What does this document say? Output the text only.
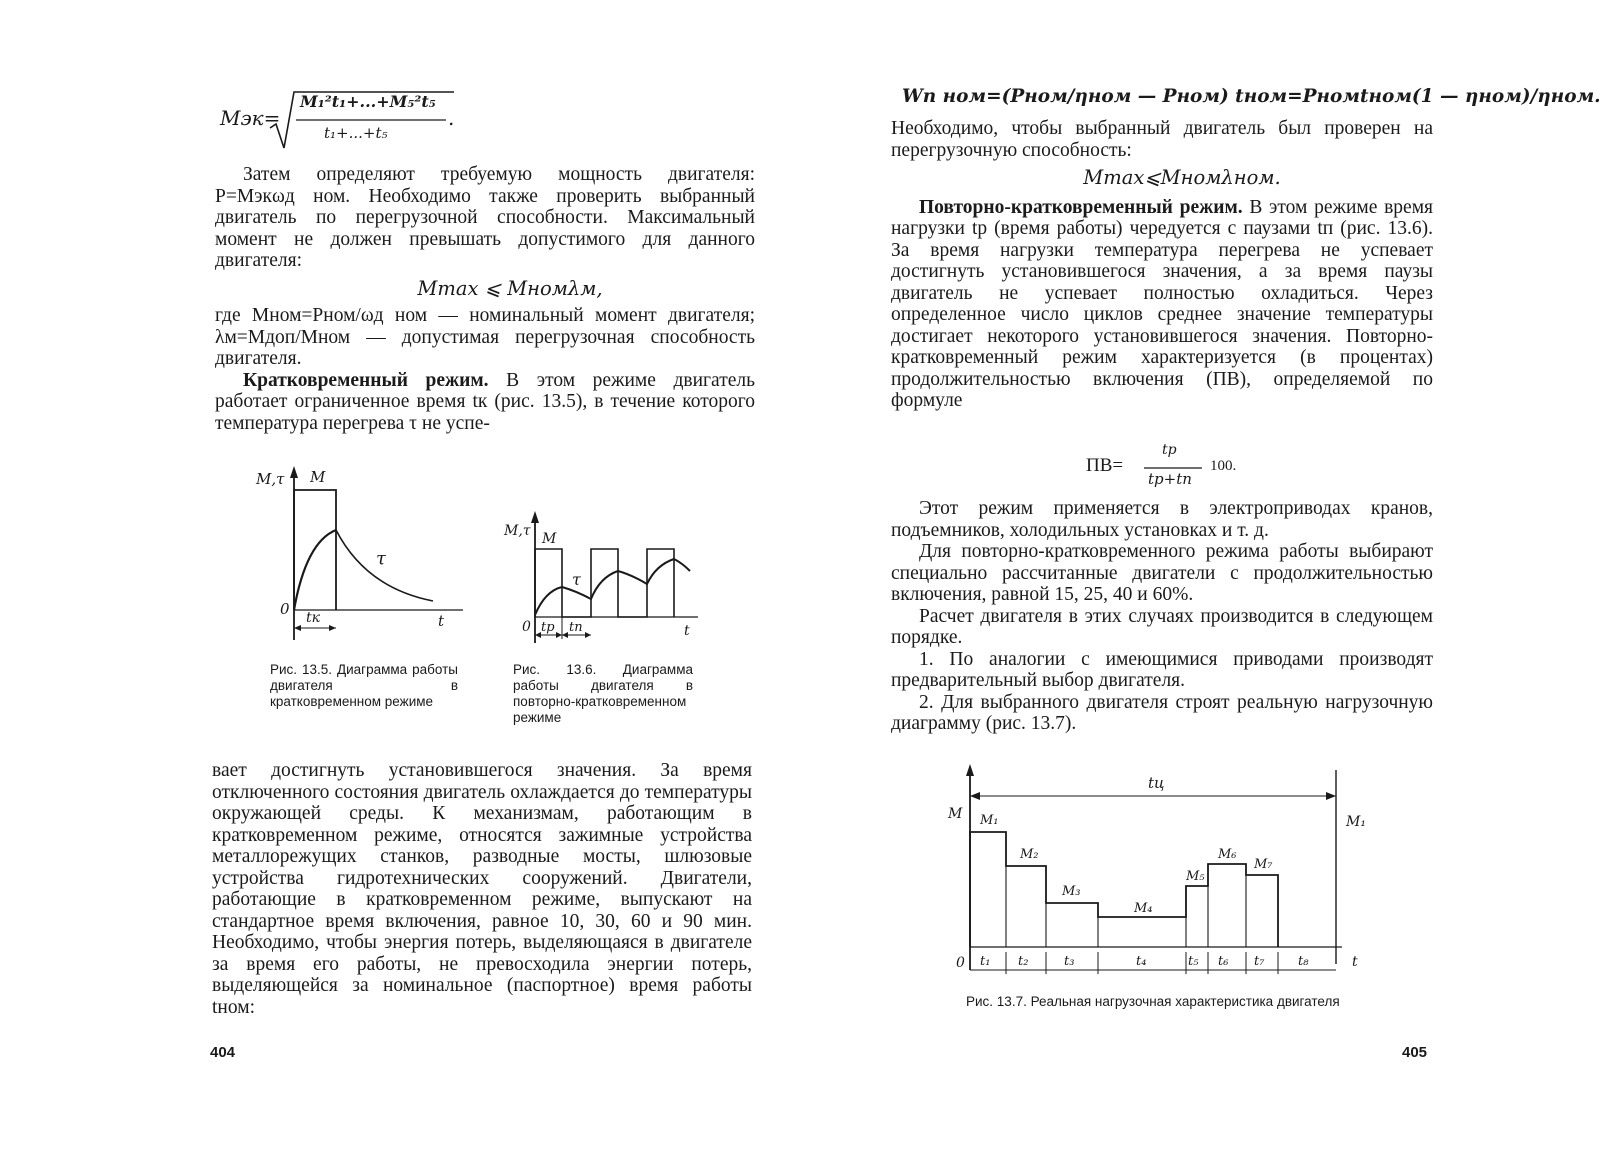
Mэк=
M₁²t₁+...+M₅²t₅
t₁+...+t₅
.

Затем определяют требуемую мощность двигателя: P=Mэкωд ном. Необходимо также проверить выбранный двигатель по перегрузочной способности. Максимальный момент не должен превышать допустимого для данного двигателя:

Mmax ⩽ Mномλм,

где Mном=Pном/ωд ном — номинальный момент двигателя; λм=Mдоп/Mном — допустимая перегрузочная способность двигателя.

Кратковременный режим. В этом режиме двигатель работает ограниченное время tк (рис. 13.5), в течение которого температура перегрева τ не успе-

M,τ M
τ
0 tк	t
M,τ M
τ
0 tр tп	t
Рис. 13.5. Диаграмма работы двигателя в кратковременном режиме
Рис. 13.6. Диаграмма работы двигателя в повторно-кратковременном режиме

вает достигнуть установившегося значения. За время отключенного состояния двигатель охлаждается до температуры окружающей среды. К механизмам, работающим в кратковременном режиме, относятся зажимные устройства металлорежущих станков, разводные мосты, шлюзовые устройства гидротехнических сооружений. Двигатели, работающие в кратковременном режиме, выпускают на стандартное время включения, равное 10, 30, 60 и 90 мин. Необходимо, чтобы энергия потерь, выделяющаяся в двигателе за время его работы, не превосходила энергии потерь, выделяющейся за номинальное (паспортное) время работы tном:

404
Wп ном=(Pном/ηном — Pном) tном=Pномtном(1 — ηном)/ηном.

Необходимо, чтобы выбранный двигатель был проверен на перегрузочную способность:

Mmax⩽Mномλном.

Повторно-кратковременный режим. В этом режиме время нагрузки tр (время работы) чередуется с паузами tп (рис. 13.6). За время нагрузки температура перегрева не успевает достигнуть установившегося значения, а за время паузы двигатель не успевает полностью охладиться. Через определенное число циклов среднее значение температуры достигает некоторого установившегося значения. Повторно-кратковременный режим характеризуется (в процентах) продолжительностью включения (ПВ), определяемой по формуле

ПВ=
tр
tр+tп
100.

Этот режим применяется в электроприводах кранов, подъемников, холодильных установках и т. д.

Для повторно-кратковременного режима работы выбирают специально рассчитанные двигатели с продолжительностью включения, равной 15, 25, 40 и 60%.

Расчет двигателя в этих случаях производится в следующем порядке.

1. По аналогии с имеющимися приводами производят предварительный выбор двигателя.

2. Для выбранного двигателя строят реальную нагрузочную диаграмму (рис. 13.7).

M
tц
M₁
M₁
M₂
M₃
M₄
M₅
M₆
M₇
0 t₁ t₂	t₃	t₄	t₅ t₆ t₇	t₈	t
Рис. 13.7. Реальная нагрузочная характеристика двигателя
405
